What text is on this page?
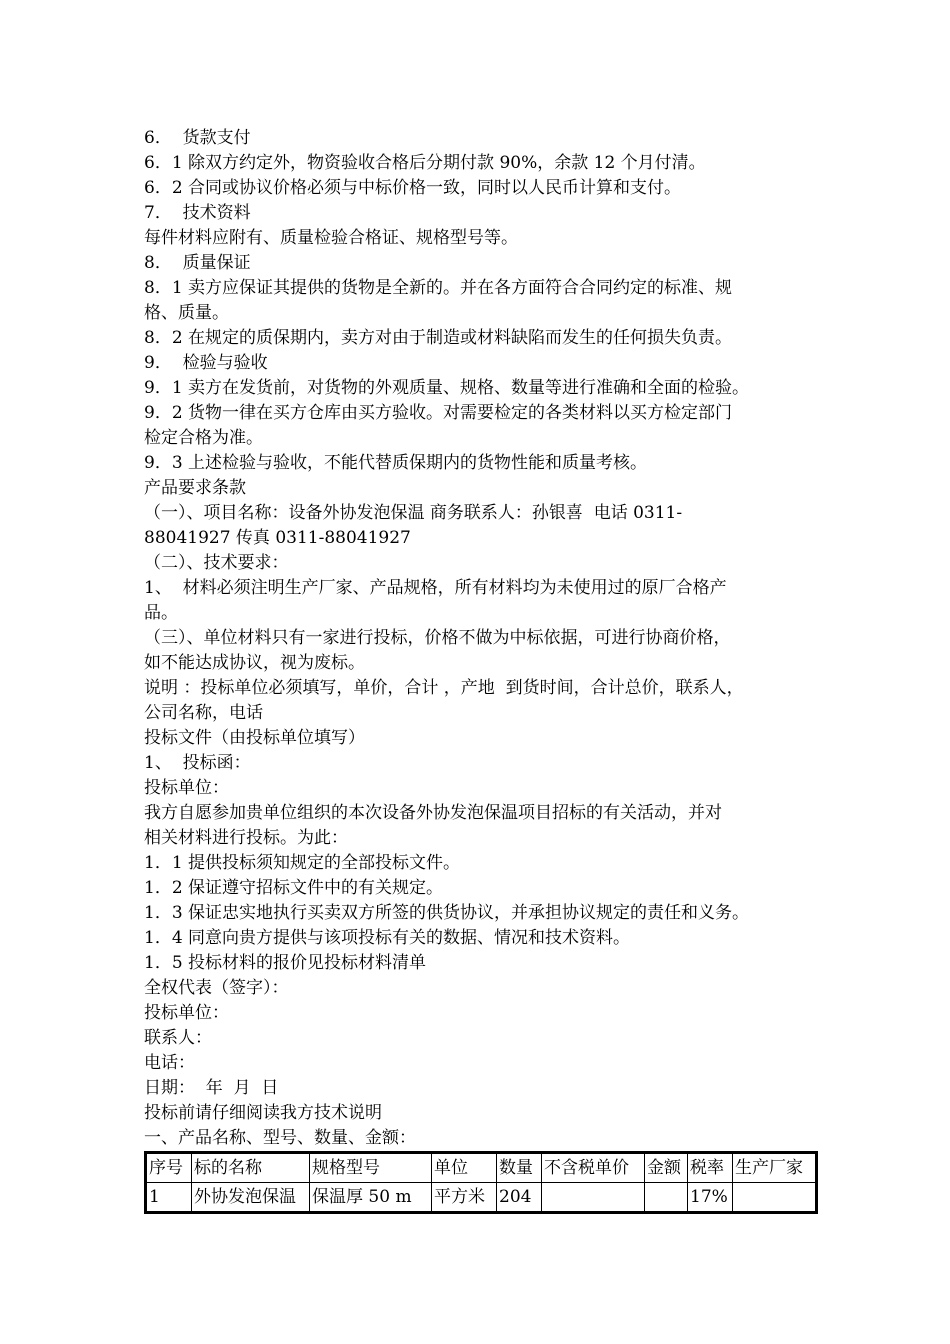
6．  货款支付
6．1 除双方约定外，物资验收合格后分期付款 90%，余款 12 个月付清。
6．2 合同或协议价格必须与中标价格一致，同时以人民币计算和支付。
7．  技术资料
每件材料应附有、质量检验合格证、规格型号等。
8．  质量保证
8．1 卖方应保证其提供的货物是全新的。并在各方面符合合同约定的标准、规
格、质量。
8．2 在规定的质保期内，卖方对由于制造或材料缺陷而发生的任何损失负责。
9．  检验与验收
9．1 卖方在发货前，对货物的外观质量、规格、数量等进行准确和全面的检验。
9．2 货物一律在买方仓库由买方验收。对需要检定的各类材料以买方检定部门
检定合格为准。
9．3 上述检验与验收，不能代替质保期内的货物性能和质量考核。
产品要求条款
（一）、项目名称：设备外协发泡保温 商务联系人：孙银喜  电话 0311-
88041927 传真 0311-88041927
（二）、技术要求：
1、  材料必须注明生产厂家、产品规格，所有材料均为未使用过的原厂合格产
品。
（三）、单位材料只有一家进行投标，价格不做为中标依据，可进行协商价格，
如不能达成协议，视为废标。
说明 ：投标单位必须填写，单价，合计 ，产地  到货时间，合计总价，联系人，
公司名称，电话
投标文件（由投标单位填写）
1、  投标函：
投标单位：
我方自愿参加贵单位组织的本次设备外协发泡保温项目招标的有关活动，并对
相关材料进行投标。为此：
1．1 提供投标须知规定的全部投标文件。
1．2 保证遵守招标文件中的有关规定。
1．3 保证忠实地执行买卖双方所签的供货协议，并承担协议规定的责任和义务。
1．4 同意向贵方提供与该项投标有关的数据、情况和技术资料。
1．5 投标材料的报价见投标材料清单
全权代表（签字）：
投标单位：
联系人：
电话：
日期：  年  月  日
投标前请仔细阅读我方技术说明
一、产品名称、型号、数量、金额：
序号	标的名称	规格型号	单位	数量	不含税单价	金额	税率	生产厂家
1	外协发泡保温	保温厚 50 m	平方米	204			17%	
